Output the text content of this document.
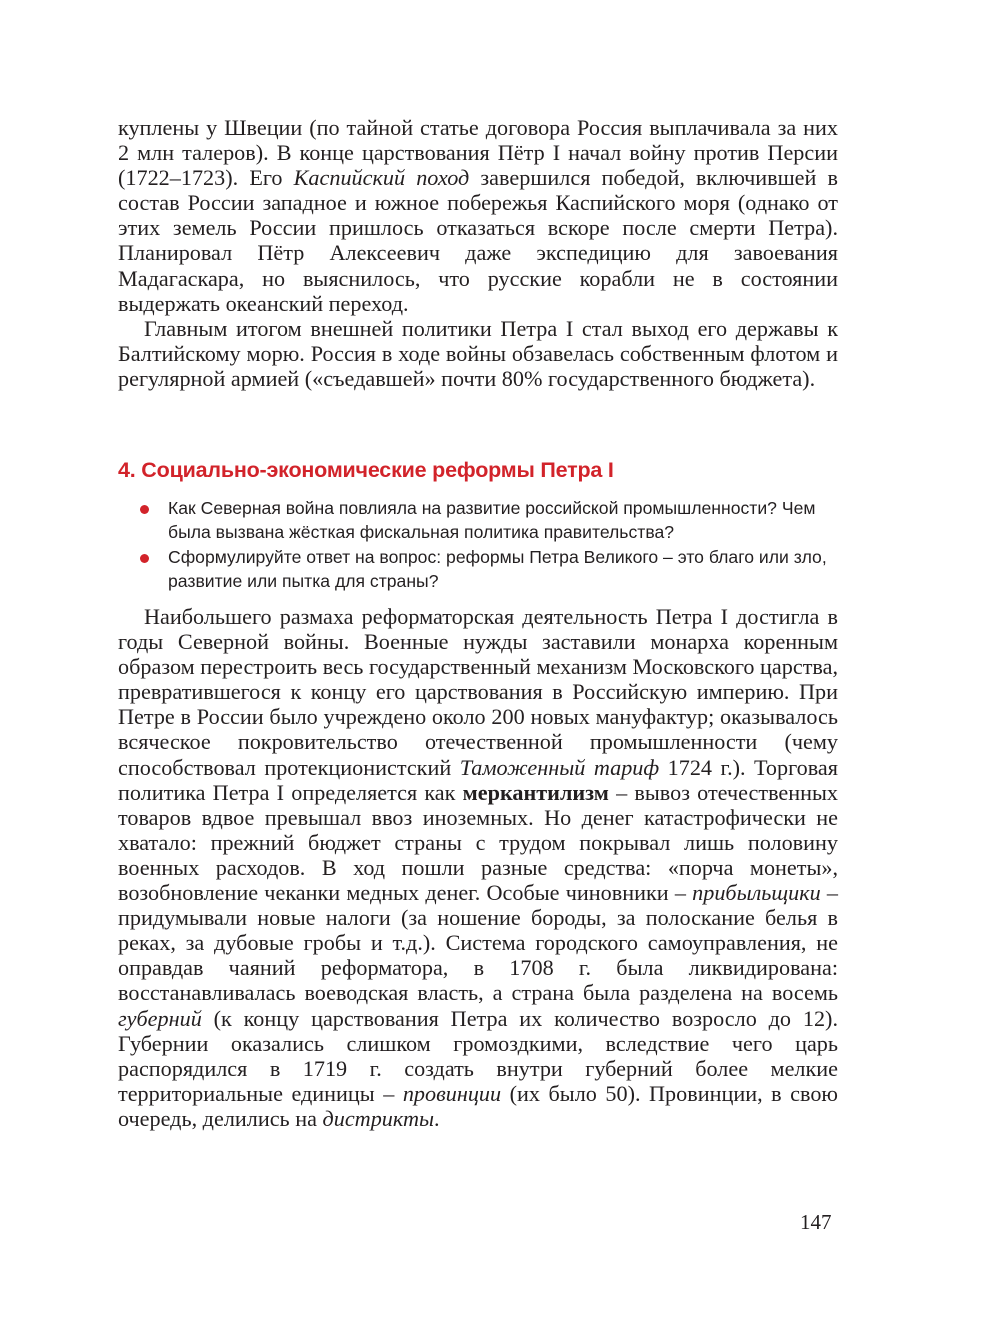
куплены у Швеции (по тайной статье договора Россия выплачивала за них 2 млн талеров). В конце царствования Пётр I начал войну против Персии (1722–1723). Его Каспийский поход завершился победой, включившей в состав России западное и южное побережья Каспийского моря (однако от этих земель России пришлось отказаться вскоре после смерти Петра). Планировал Пётр Алексеевич даже экспедицию для завоевания Мадагаскара, но выяснилось, что русские корабли не в состоянии выдержать океанский переход.

Главным итогом внешней политики Петра I стал выход его державы к Балтийскому морю. Россия в ходе войны обзавелась собственным флотом и регулярной армией («съедавшей» почти 80% государственного бюджета).

4. Социально-экономические реформы Петра I
Как Северная война повлияла на развитие российской промышленности? Чем была вызвана жёсткая фискальная политика правительства?
Сформулируйте ответ на вопрос: реформы Петра Великого – это благо или зло, развитие или пытка для страны?

Наибольшего размаха реформаторская деятельность Петра I достигла в годы Северной войны. Военные нужды заставили монарха коренным образом перестроить весь государственный механизм Московского царства, превратившегося к концу его царствования в Российскую империю. При Петре в России было учреждено около 200 новых мануфактур; оказывалось всяческое покровительство отечественной промышленности (чему способствовал протекционистский Таможенный тариф 1724 г.). Торговая политика Петра I определяется как меркантилизм – вывоз отечественных товаров вдвое превышал ввоз иноземных. Но денег катастрофически не хватало: прежний бюджет страны с трудом покрывал лишь половину военных расходов. В ход пошли разные средства: «порча монеты», возобновление чеканки медных денег. Особые чиновники – прибыльщики – придумывали новые налоги (за ношение бороды, за полоскание белья в реках, за дубовые гробы и т.д.). Система городского самоуправления, не оправдав чаяний реформатора, в 1708 г. была ликвидирована: восстанавливалась воеводская власть, а страна была разделена на восемь губерний (к концу царствования Петра их количество возросло до 12). Губернии оказались слишком громоздкими, вследствие чего царь распорядился в 1719 г. создать внутри губерний более мелкие территориальные единицы – провинции (их было 50). Провинции, в свою очередь, делились на дистрикты.

147
